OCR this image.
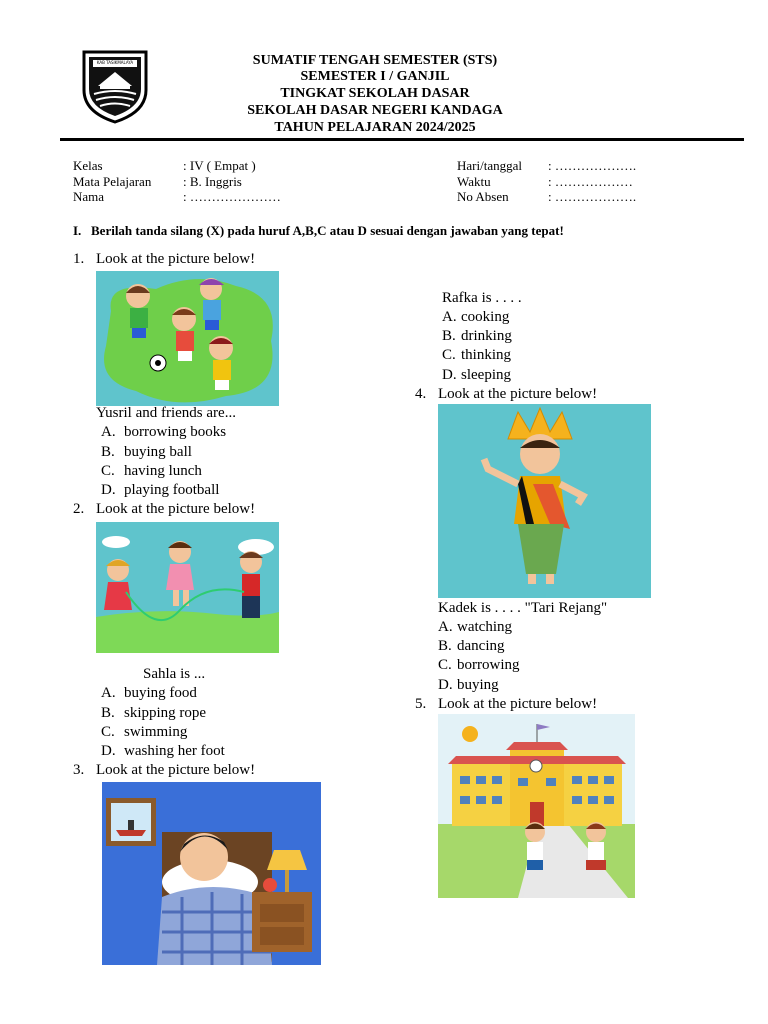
KAB TASIKMALAYA	SUMATIF TENGAH SEMESTER (STS)
SEMESTER I / GANJIL
TINGKAT SEKOLAH DASAR
SEKOLAH DASAR NEGERI KANDAGA
TAHUN PELAJARAN 2024/2025
Kelas	: IV ( Empat )
Mata Pelajaran : B. Inggris
Nama	: …………………
Hari/tanggal : ……………….
Waktu	: ………………
No Absen	: ……………….
I. Berilah tanda silang (X) pada huruf A,B,C atau D sesuai dengan jawaban yang tepat!
1. Look at the picture below!
Yusril and friends are...
A. borrowing books
B. buying ball
C. having lunch
D. playing football
2. Look at the picture below!
Sahla is ...
A. buying food
B. skipping rope
C. swimming
D. washing her foot
3. Look at the picture below!
Rafka is . . . .
A. cooking
B. drinking
C. thinking
D. sleeping
4. Look at the picture below!
Kadek is . . . . "Tari Rejang"
A. watching
B. dancing
C. borrowing
D. buying
5. Look at the picture below!
